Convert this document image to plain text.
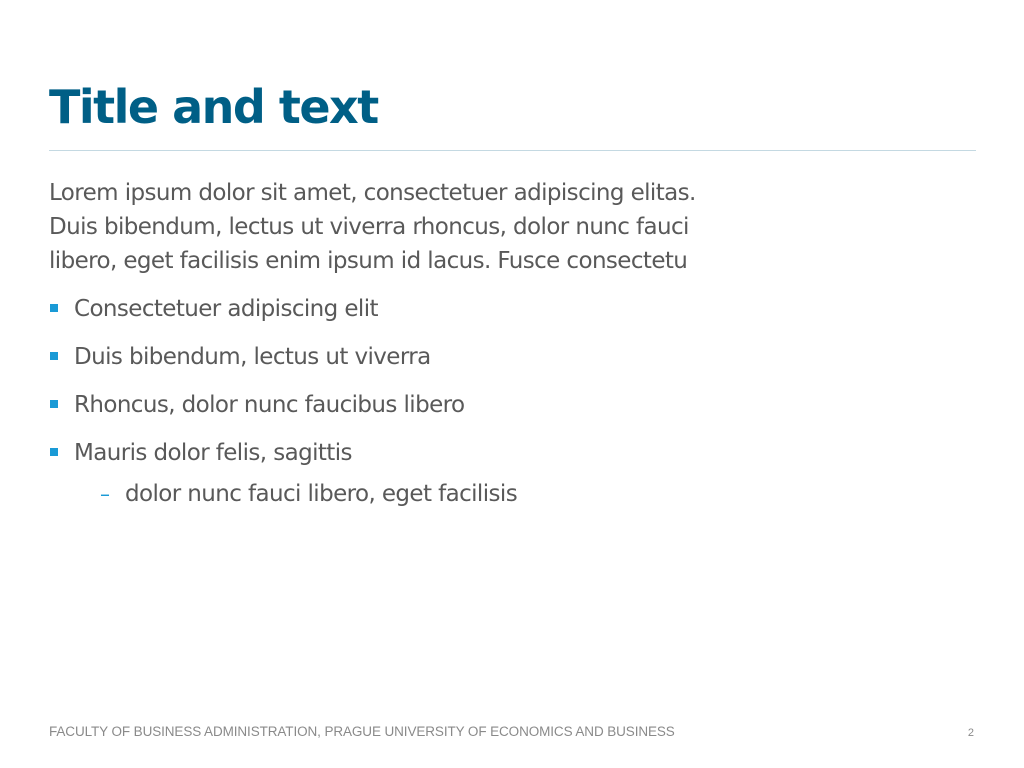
Title and text
Lorem ipsum dolor sit amet, consectetuer adipiscing elitas.
Duis bibendum, lectus ut viverra rhoncus, dolor nunc fauci
libero, eget facilisis enim ipsum id lacus. Fusce consectetu
Consectetuer adipiscing elit
Duis bibendum, lectus ut viverra
Rhoncus, dolor nunc faucibus libero
Mauris dolor felis, sagittis
– dolor nunc fauci libero, eget facilisis
FACULTY OF BUSINESS ADMINISTRATION, PRAGUE UNIVERSITY OF ECONOMICS AND BUSINESS	2
